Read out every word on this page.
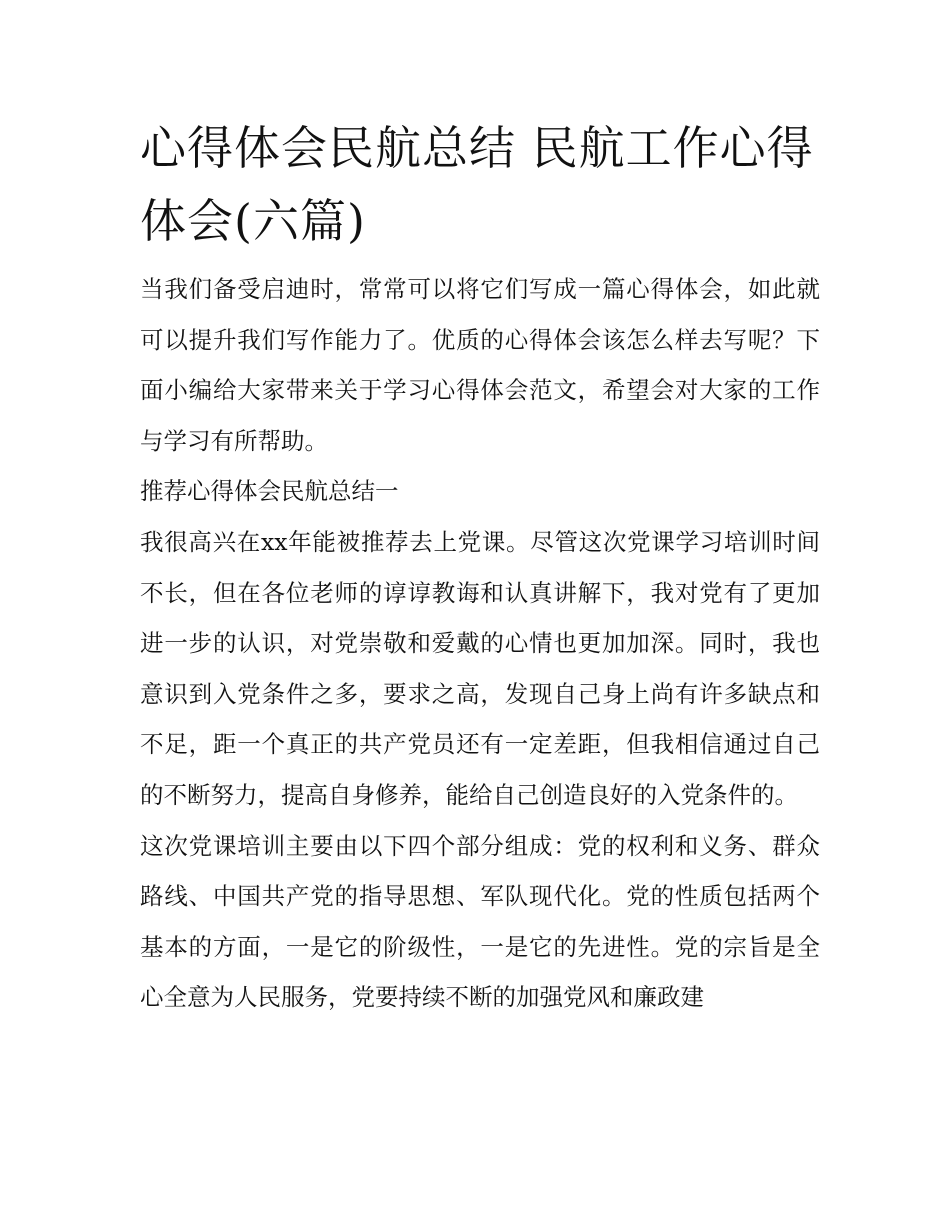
心得体会民航总结 民航工作心得体会(六篇)

当我们备受启迪时，常常可以将它们写成一篇心得体会，如此就可以提升我们写作能力了。优质的心得体会该怎么样去写呢？下面小编给大家带来关于学习心得体会范文，希望会对大家的工作与学习有所帮助。

推荐心得体会民航总结一

我很高兴在xx年能被推荐去上党课。尽管这次党课学习培训时间不长，但在各位老师的谆谆教诲和认真讲解下，我对党有了更加进一步的认识，对党崇敬和爱戴的心情也更加加深。同时，我也意识到入党条件之多，要求之高，发现自己身上尚有许多缺点和不足，距一个真正的共产党员还有一定差距，但我相信通过自己的不断努力，提高自身修养，能给自己创造良好的入党条件的。

这次党课培训主要由以下四个部分组成：党的权利和义务、群众路线、中国共产党的指导思想、军队现代化。党的性质包括两个基本的方面，一是它的阶级性，一是它的先进性。党的宗旨是全心全意为人民服务，党要持续不断的加强党风和廉政建
